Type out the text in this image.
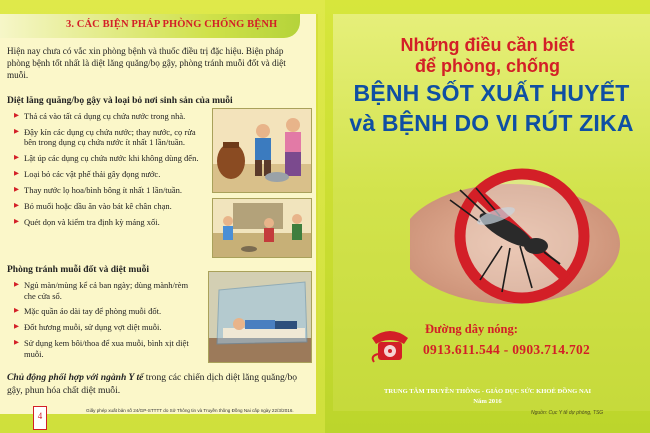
3. CÁC BIỆN PHÁP PHÒNG CHỐNG BỆNH

Hiện nay chưa có vắc xin phòng bệnh và thuốc điều trị đặc hiệu. Biện pháp phòng bệnh tốt nhất là diệt lăng quăng/bọ gậy, phòng tránh muỗi đốt và diệt muỗi.

Diệt lăng quăng/bọ gậy và loại bỏ nơi sinh sản của muỗi
▶ Thả cá vào tất cả dụng cụ chứa nước trong nhà.
▶ Đậy kín các dụng cụ chứa nước; thay nước, cọ rửa bên trong dụng cụ chứa nước ít nhất 1 lần/tuần.
▶ Lật úp các dụng cụ chứa nước khi không dùng đến.
▶ Loại bỏ các vật phế thải gây đọng nước.
▶ Thay nước lọ hoa/bình bông ít nhất 1 lần/tuần.
▶ Bỏ muối hoặc dầu ăn vào bát kê chân chạn.
▶ Quét dọn và kiểm tra định kỳ máng xối.
Phòng tránh muỗi đốt và diệt muỗi
▶ Ngủ màn/mùng kể cả ban ngày; dùng mành/rèm che cửa sổ.
▶ Mặc quần áo dài tay để phòng muỗi đốt.
▶ Đốt hương muỗi, sử dụng vợt diệt muỗi.
▶ Sử dụng kem bôi/thoa để xua muỗi, bình xịt diệt muỗi.

Chủ động phối hợp với ngành Y tế trong các chiến dịch diệt lăng quăng/bọ gậy, phun hóa chất diệt muỗi.

4
Giấy phép xuất bản số 24/GP-STTTT do Sở Thông tin và Truyền thông Đồng Nai cấp ngày 22/3/2016.
Những điều cần biết
để phòng, chống
BỆNH SỐT XUẤT HUYẾT
và BỆNH DO VI RÚT ZIKA
Đường dây nóng:
0913.611.544 - 0903.714.702
TRUNG TÂM TRUYỀN THÔNG - GIÁO DỤC SỨC KHOẺ ĐỒNG NAI
Năm 2016
Nguồn: Cục Y tế dự phòng, TSG
